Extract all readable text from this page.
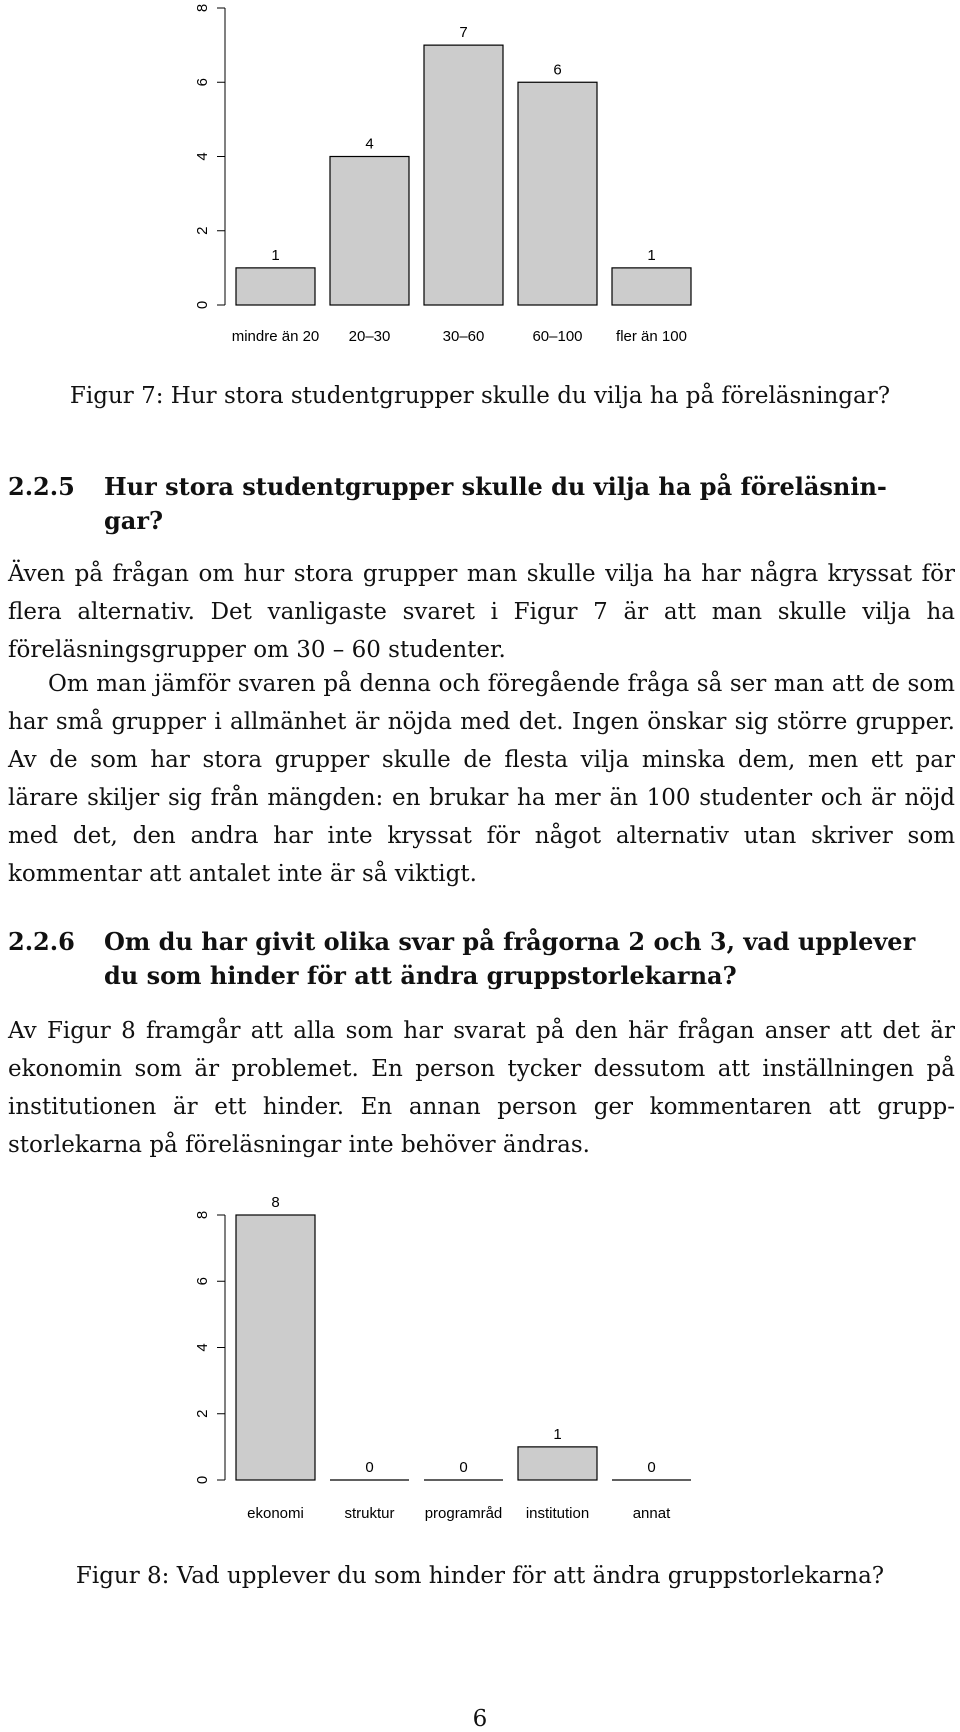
0
2
4
6
8
1
mindre än 20
4
20–30
7
30–60
6
60–100
1
fler än 100
Figur 7: Hur stora studentgrupper skulle du vilja ha på föreläsningar?
2.2.5 Hur stora studentgrupper skulle du vilja ha på föreläsnin- gar?

Även på frågan om hur stora grupper man skulle vilja ha har några kryssat för flera alternativ. Det vanligaste svaret i Figur 7 är att man skulle vilja ha föreläsningsgrupper om 30 – 60 studenter.

Om man jämför svaren på denna och föregående fråga så ser man att de som har små grupper i allmänhet är nöjda med det. Ingen önskar sig större grupper. Av de som har stora grupper skulle de flesta vilja minska dem, men ett par lärare skiljer sig från mängden: en brukar ha mer än 100 studenter och är nöjd med det, den andra har inte kryssat för något alternativ utan skriver som kommentar att antalet inte är så viktigt.

2.2.6 Om du har givit olika svar på frågorna 2 och 3, vad upplever du som hinder för att ändra gruppstorlekarna?

Av Figur 8 framgår att alla som har svarat på den här frågan anser att det är ekonomin som är problemet. En person tycker dessutom att inställningen på institutionen är ett hinder. En annan person ger kommentaren att grupp- storlekarna på föreläsningar inte behöver ändras.

0
2
4
6
8
8
ekonomi
0
struktur
0
programråd
1
institution
0
annat
Figur 8: Vad upplever du som hinder för att ändra gruppstorlekarna?
6
